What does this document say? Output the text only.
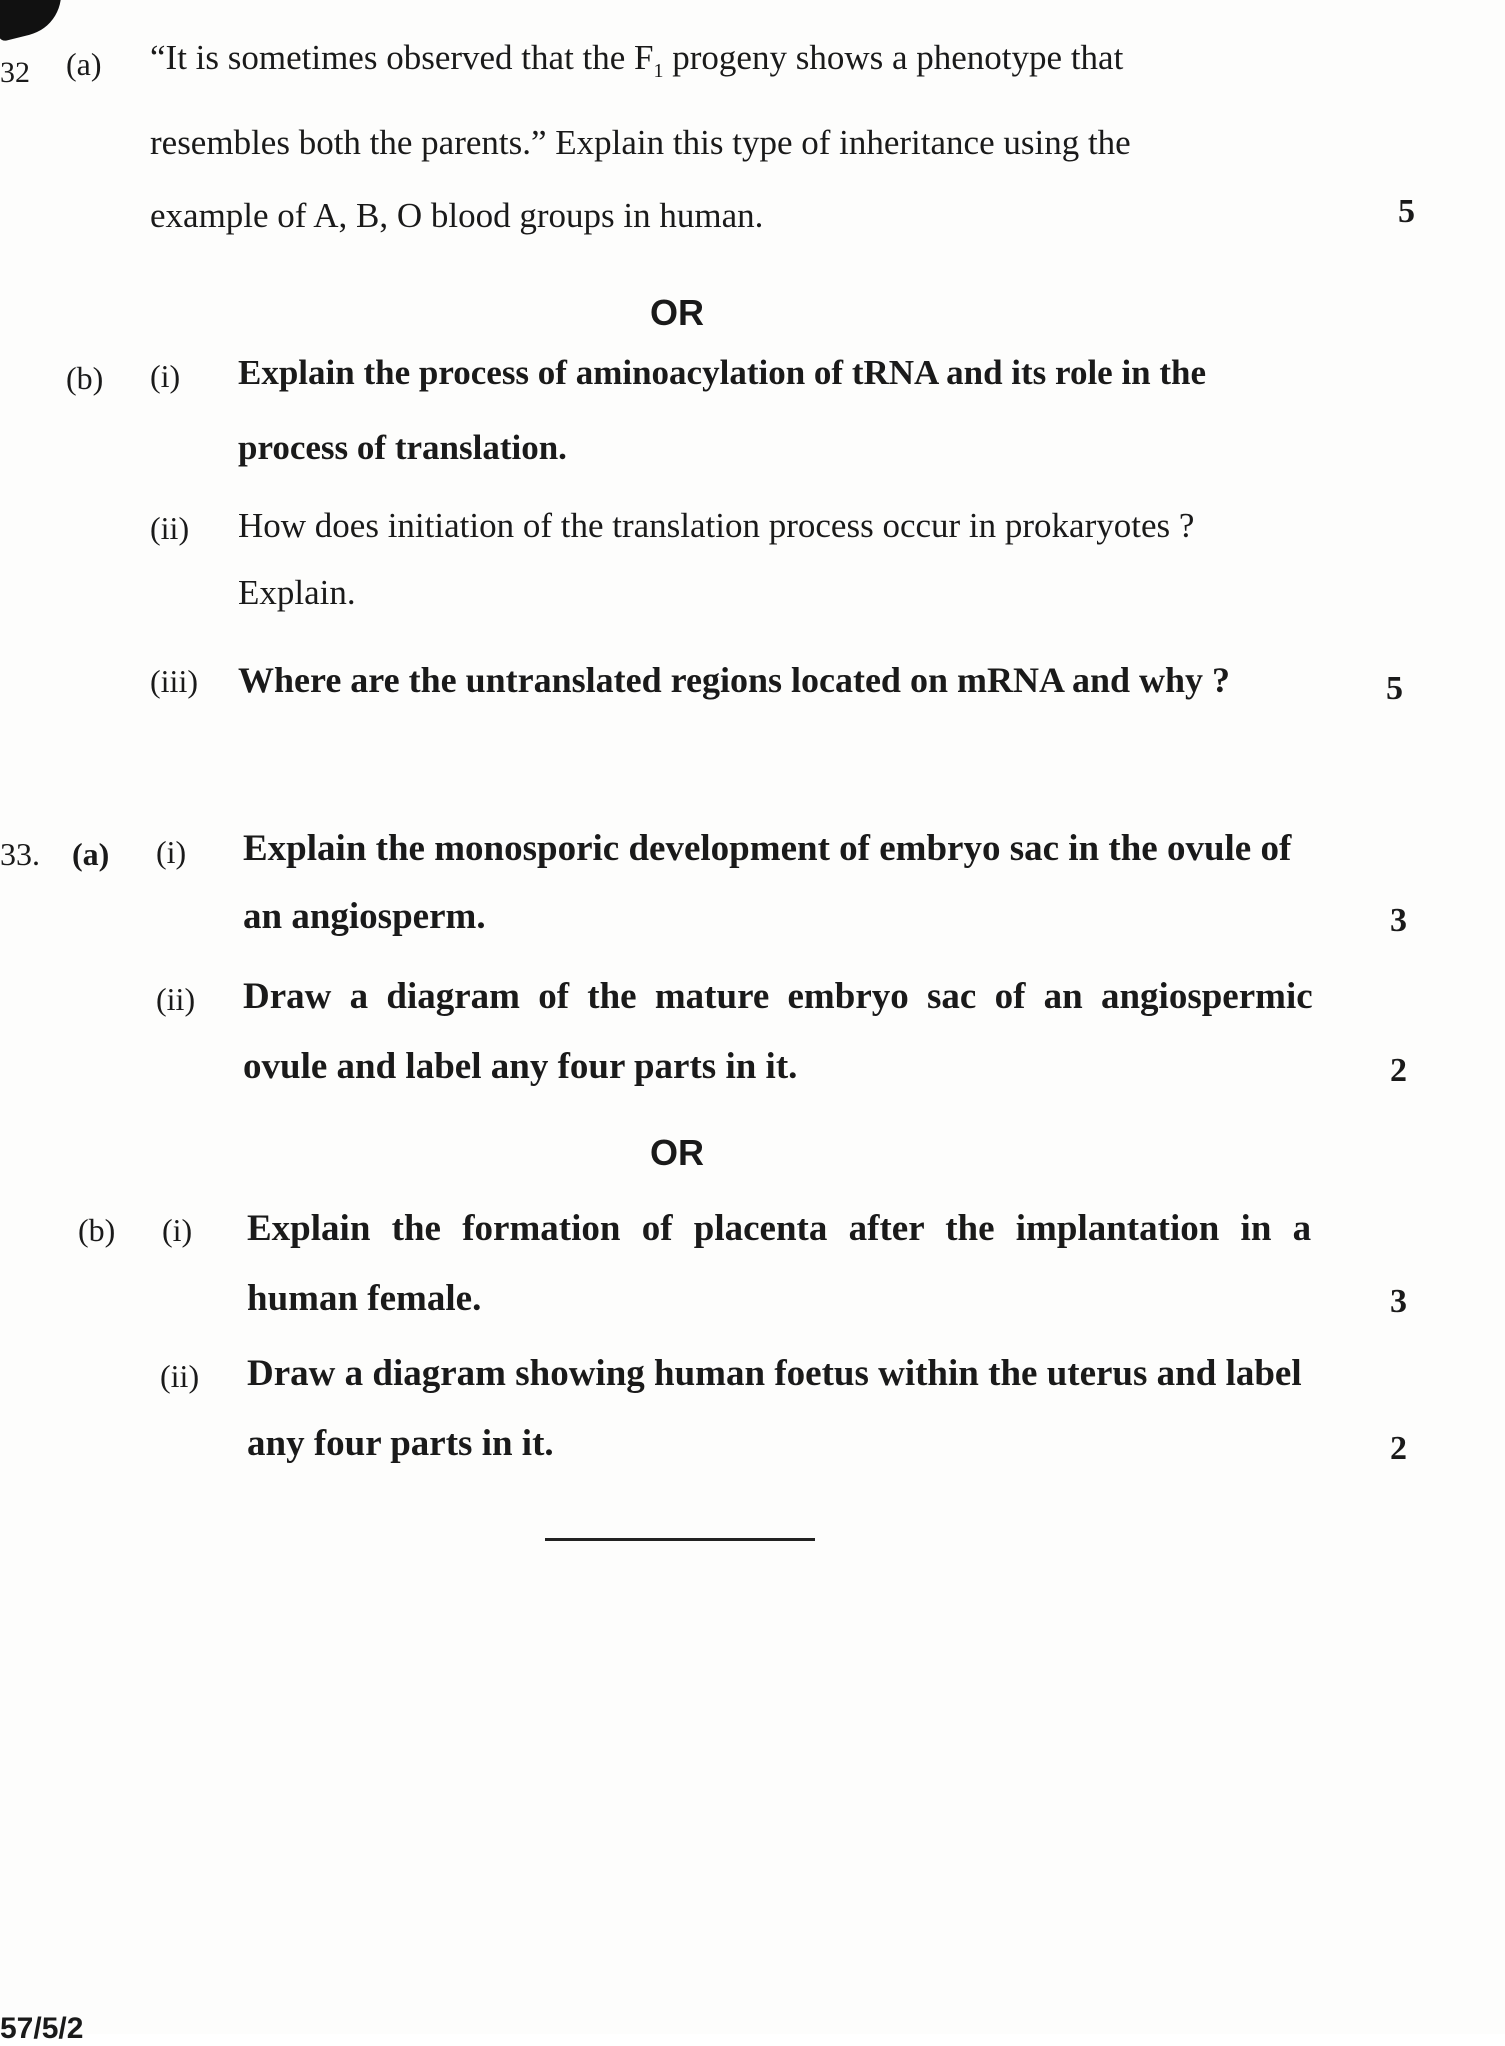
32 (a) “It is sometimes observed that the $F_1$ progeny shows a phenotype that
resembles both the parents.” Explain this type of inheritance using the
example of A, B, O blood groups in human.	5
OR
(b) (i) Explain the process of aminoacylation of tRNA and its role in the
process of translation.
(ii) How does initiation of the translation process occur in prokaryotes ?
Explain.
(iii) Where are the untranslated regions located on mRNA and why ?	5
33. (a) (i) Explain the monosporic development of embryo sac in the ovule of
an angiosperm.	3
(ii) Draw a diagram of the mature embryo sac of an angiospermic
ovule and label any four parts in it.	2
OR
(b) (i) Explain the formation of placenta after the implantation in a
human female.	3
(ii) Draw a diagram showing human foetus within the uterus and label
any four parts in it.	2
57/5/2
